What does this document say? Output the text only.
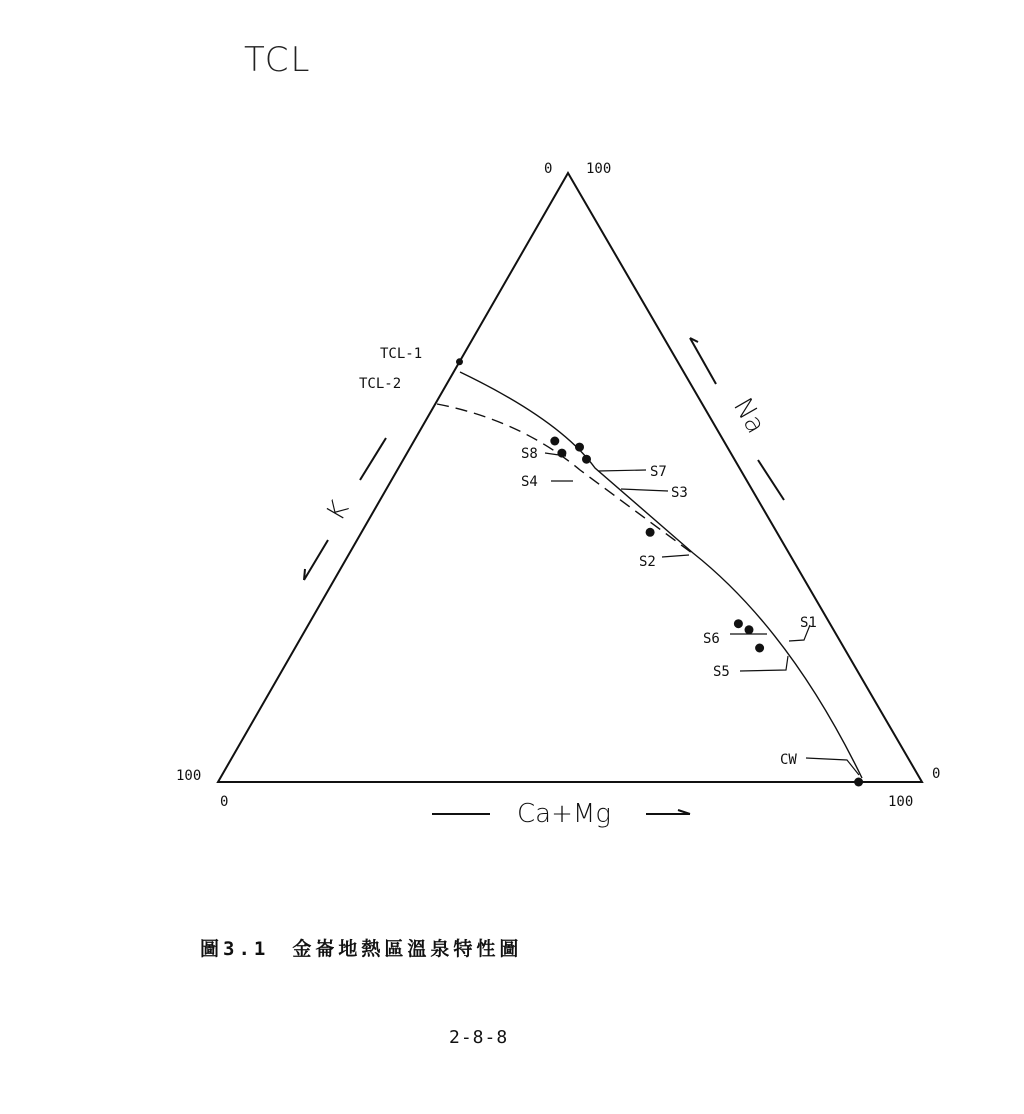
TCL
0 100
100	0
0	100
K
Na
Ca+Mg
TCL-1
TCL-2
S8
S4
S7
S3
S2
S6
S1
S5
CW
圖3.1　金崙地熱區溫泉特性圖
2-8-8
